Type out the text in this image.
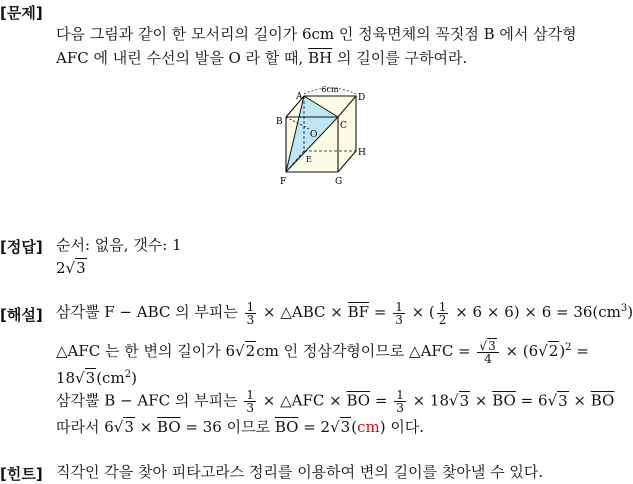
[문제]
다음 그림과 같이 한 모서리의 길이가 6cm 인 정육면체의 꼭짓점 B 에서 삼각형
AFC 에 내린 수선의 발을 O 라 할 때, $\overline{BH}$ 의 길이를 구하여라.
6cm
A	D
B	C
O
E
H
F	G
[정답] 순서: 없음, 갯수: 1
2√3
[해설] 삼각뿔 F − ABC 의 부피는 $\frac{1}{3}$ × △ABC × $\overline{BF} = \frac{1}{3}$ × ( $\frac{1}{2} \times 6 \times 6) \times 6 = 36(cm^3)$
△AFC 는 한 변의 길이가 6√2cm 인 정삼각형이므로 △AFC = $\frac{√3}{4} \times (6√2)^2$ =
$18√3(cm^2)$
삼각뿔 B − AFC 의 부피는 $\frac{1}{3}$ × △AFC × $\overline{BO} = \frac{1}{3} \times 18√3 \times \overline{BO} = 6√3 \times \overline{BO}$
따라서 $6√3 \times \overline{BO} = 36$ 이므로 $\overline{BO} = 2√3(cm)$ 이다.
[힌트] 직각인 각을 찾아 피타고라스 정리를 이용하여 변의 길이를 찾아낼 수 있다.
